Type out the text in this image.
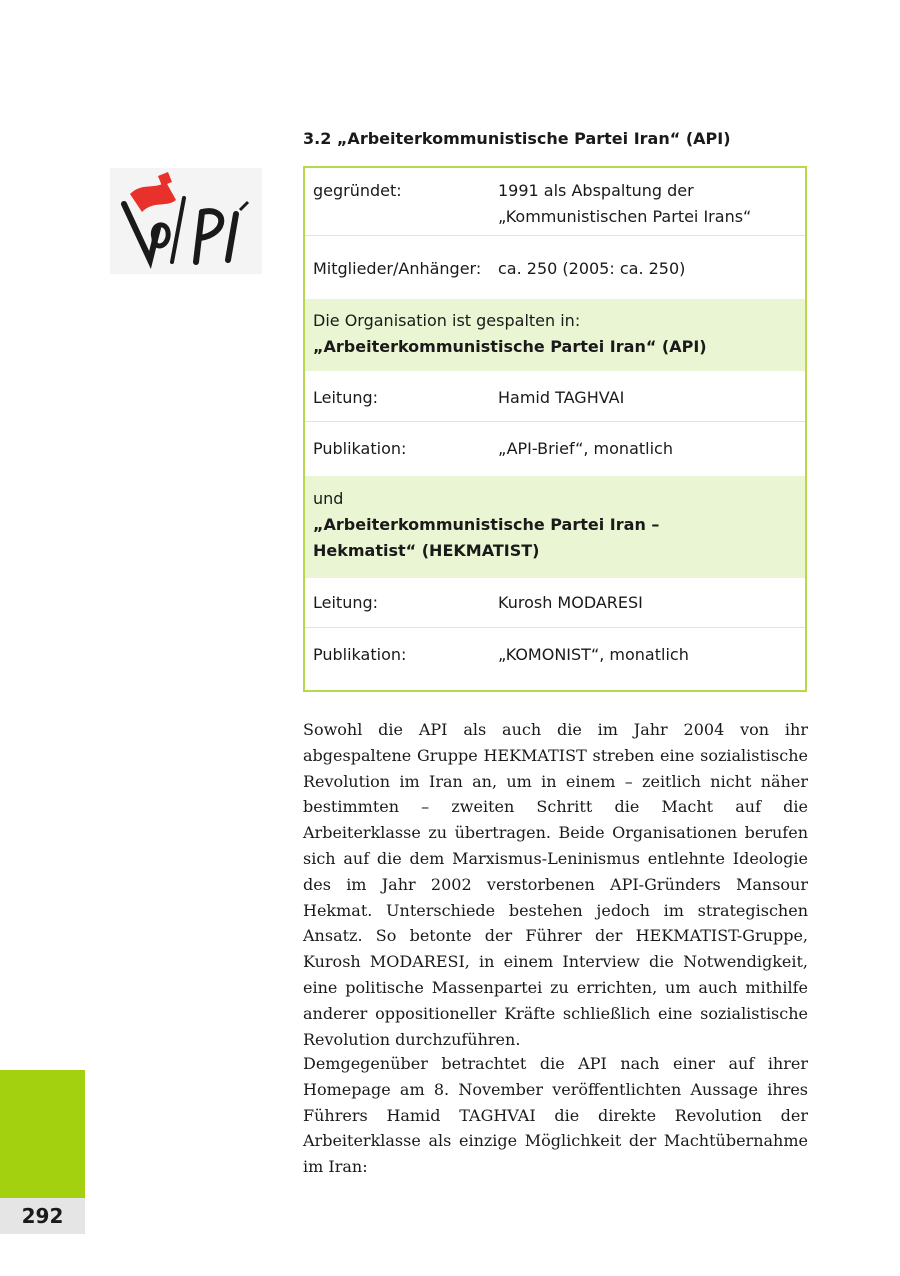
3.2 „Arbeiterkommunistische Partei Iran“ (API)
gegründet:	1991 als Abspaltung der
„Kommunistischen Partei Irans“
Mitglieder/Anhänger: ca. 250 (2005: ca. 250)
Die Organisation ist gespalten in:
„Arbeiterkommunistische Partei Iran“ (API)
Leitung:	Hamid TAGHVAI
Publikation:	„API-Brief“, monatlich
und
„Arbeiterkommunistische Partei Iran –
Hekmatist“ (HEKMATIST)
Leitung:	Kurosh MODARESI
Publikation:	„KOMONIST“, monatlich

Sowohl die API als auch die im Jahr 2004 von ihr abgespaltene Gruppe HEKMATIST streben eine sozialistische Revolution im Iran an, um in einem – zeitlich nicht näher bestimmten – zweiten Schritt die Macht auf die Arbeiterklasse zu übertragen. Beide Organisationen berufen sich auf die dem Marxismus-Leninismus entlehnte Ideologie des im Jahr 2002 verstorbenen API-Gründers Mansour Hekmat. Unterschiede bestehen jedoch im strategischen Ansatz. So betonte der Führer der HEKMATIST-Gruppe, Kurosh MODARESI, in einem Interview die Notwendigkeit, eine politische Massenpartei zu errichten, um auch mithilfe anderer oppositioneller Kräfte schließlich eine sozialistische Revolution durchzuführen.

Demgegenüber betrachtet die API nach einer auf ihrer Homepage am 8. November veröffentlichten Aussage ihres Führers Hamid TAGHVAI die direkte Revolution der Arbeiterklasse als einzige Möglichkeit der Machtübernahme im Iran:

292
